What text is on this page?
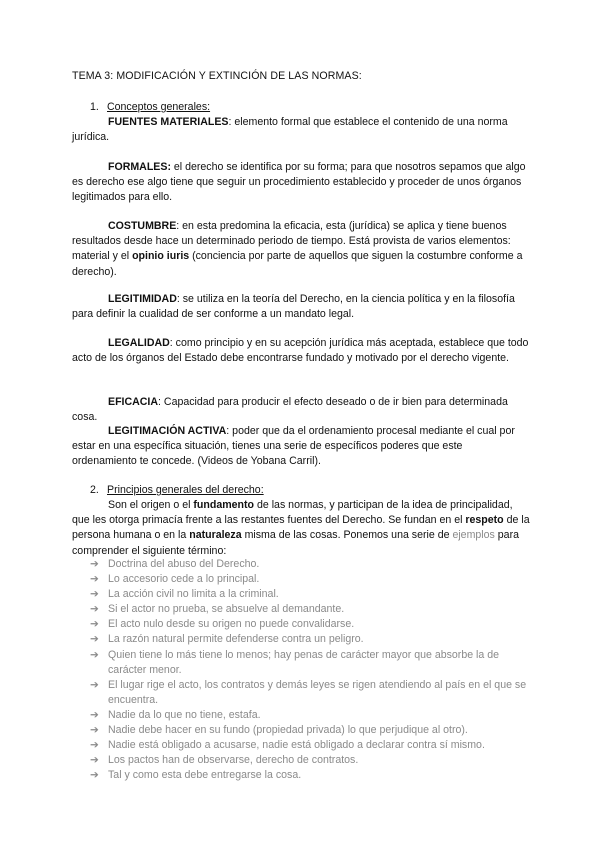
TEMA 3: MODIFICACIÓN Y EXTINCIÓN DE LAS NORMAS:
1. Conceptos generales:
FUENTES MATERIALES: elemento formal que establece el contenido de una norma jurídica.
FORMALES: el derecho se identifica por su forma; para que nosotros sepamos que algo es derecho ese algo tiene que seguir un procedimiento establecido y proceder de unos órganos legitimados para ello.
COSTUMBRE: en esta predomina la eficacia, esta (jurídica) se aplica y tiene buenos resultados desde hace un determinado periodo de tiempo. Está provista de varios elementos: material y el opinio iuris (conciencia por parte de aquellos que siguen la costumbre conforme a derecho).
LEGITIMIDAD: se utiliza en la teoría del Derecho, en la ciencia política y en la filosofía para definir la cualidad de ser conforme a un mandato legal.
LEGALIDAD: como principio y en su acepción jurídica más aceptada, establece que todo acto de los órganos del Estado debe encontrarse fundado y motivado por el derecho vigente.
EFICACIA: Capacidad para producir el efecto deseado o de ir bien para determinada cosa.
LEGITIMACIÓN ACTIVA: poder que da el ordenamiento procesal mediante el cual por estar en una específica situación, tienes una serie de específicos poderes que este ordenamiento te concede. (Videos de Yobana Carril).
2. Principios generales del derecho:
Son el origen o el fundamento de las normas, y participan de la idea de principalidad, que les otorga primacía frente a las restantes fuentes del Derecho. Se fundan en el respeto de la persona humana o en la naturaleza misma de las cosas. Ponemos una serie de ejemplos para comprender el siguiente término:
➔ Doctrina del abuso del Derecho.
➔ Lo accesorio cede a lo principal.
➔ La acción civil no limita a la criminal.
➔ Si el actor no prueba, se absuelve al demandante.
➔ El acto nulo desde su origen no puede convalidarse.
➔ La razón natural permite defenderse contra un peligro.
➔ Quien tiene lo más tiene lo menos; hay penas de carácter mayor que absorbe la de carácter menor.
➔ El lugar rige el acto, los contratos y demás leyes se rigen atendiendo al país en el que se encuentra.
➔ Nadie da lo que no tiene, estafa.
➔ Nadie debe hacer en su fundo (propiedad privada) lo que perjudique al otro).
➔ Nadie está obligado a acusarse, nadie está obligado a declarar contra sí mismo.
➔ Los pactos han de observarse, derecho de contratos.
➔ Tal y como esta debe entregarse la cosa.
